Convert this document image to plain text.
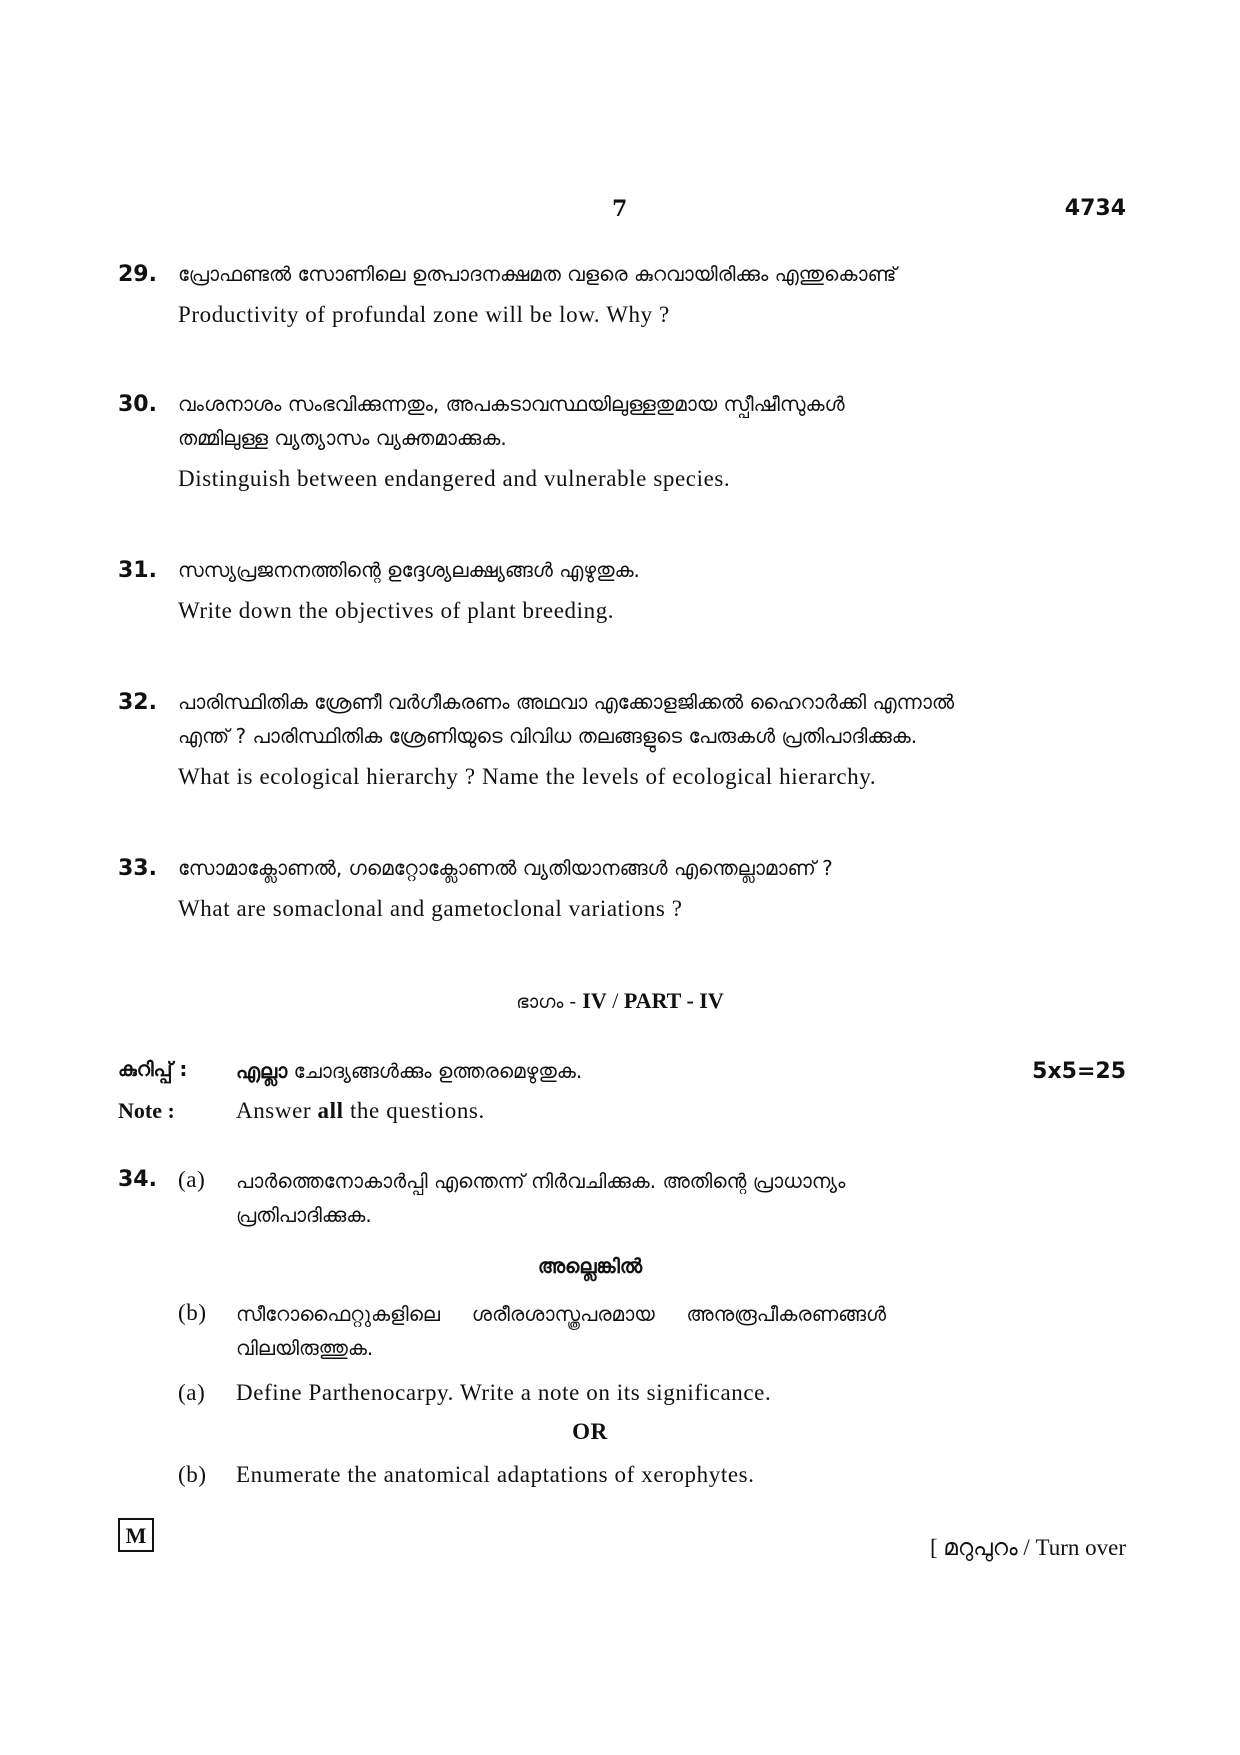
7	4734
29. പ്രോഫണ്ടൽ സോണിലെ ഉത്പാദനക്ഷമത വളരെ കുറവായിരിക്കും എന്തുകൊണ്ട്
Productivity of profundal zone will be low. Why ?
30. വംശനാശം സംഭവിക്കുന്നതും, അപകടാവസ്ഥയിലുള്ളതുമായ സ്പീഷീസുകൾ
തമ്മിലുള്ള വ്യത്യാസം വ്യക്തമാക്കുക.
Distinguish between endangered and vulnerable species.
31. സസ്യപ്രജനനത്തിന്റെ ഉദ്ദേശ്യലക്ഷ്യങ്ങൾ എഴുതുക.
Write down the objectives of plant breeding.
32. പാരിസ്ഥിതിക ശ്രേണീ വർഗീകരണം അഥവാ എക്കോളജിക്കൽ ഹൈറാർക്കി എന്നാൽ
എന്ത് ? പാരിസ്ഥിതിക ശ്രേണിയുടെ വിവിധ തലങ്ങളുടെ പേരുകൾ പ്രതിപാദിക്കുക.
What is ecological hierarchy ? Name the levels of ecological hierarchy.
33. സോമാക്ലോണൽ, ഗമെറ്റോക്ലോണൽ വ്യതിയാനങ്ങൾ എന്തെല്ലാമാണ് ?
What are somaclonal and gametoclonal variations ?
ഭാഗം - IV / PART - IV
കുറിപ്പ് : എല്ലാ ചോദ്യങ്ങൾക്കും ഉത്തരമെഴുതുക.	5x5=25
Note :	Answer all the questions.
34. (a) പാർത്തെനോകാർപ്പി എന്തെന്ന് നിർവചിക്കുക. അതിന്റെ പ്രാധാന്യം
പ്രതിപാദിക്കുക.
അല്ലെങ്കിൽ
(b) സീറോഫൈറ്റുകളിലെ     ശരീരശാസ്ത്രപരമായ     അനുരൂപീകരണങ്ങൾ
വിലയിരുത്തുക.
(a) Define Parthenocarpy. Write a note on its significance.
OR
(b) Enumerate the anatomical adaptations of xerophytes.
M	[ മറുപുറം / Turn over
